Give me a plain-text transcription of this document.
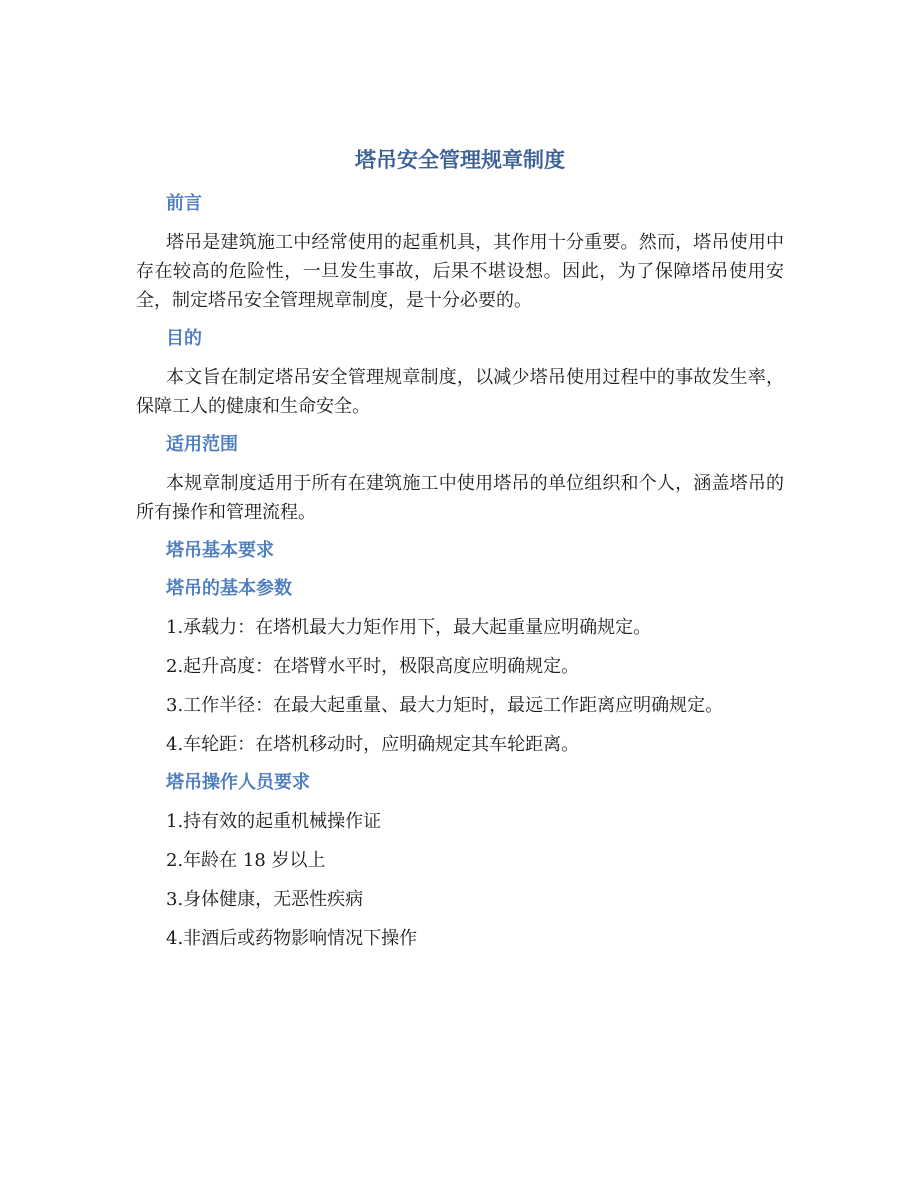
塔吊安全管理规章制度
前言

塔吊是建筑施工中经常使用的起重机具，其作用十分重要。然而，塔吊使用中存在较高的危险性，一旦发生事故，后果不堪设想。因此，为了保障塔吊使用安全，制定塔吊安全管理规章制度，是十分必要的。

目的

本文旨在制定塔吊安全管理规章制度，以减少塔吊使用过程中的事故发生率，保障工人的健康和生命安全。

适用范围

本规章制度适用于所有在建筑施工中使用塔吊的单位组织和个人，涵盖塔吊的所有操作和管理流程。

塔吊基本要求
塔吊的基本参数

1.承载力：在塔机最大力矩作用下，最大起重量应明确规定。

2.起升高度：在塔臂水平时，极限高度应明确规定。

3.工作半径：在最大起重量、最大力矩时，最远工作距离应明确规定。

4.车轮距：在塔机移动时，应明确规定其车轮距离。

塔吊操作人员要求

1.持有效的起重机械操作证

2.年龄在 18 岁以上

3.身体健康，无恶性疾病

4.非酒后或药物影响情况下操作
